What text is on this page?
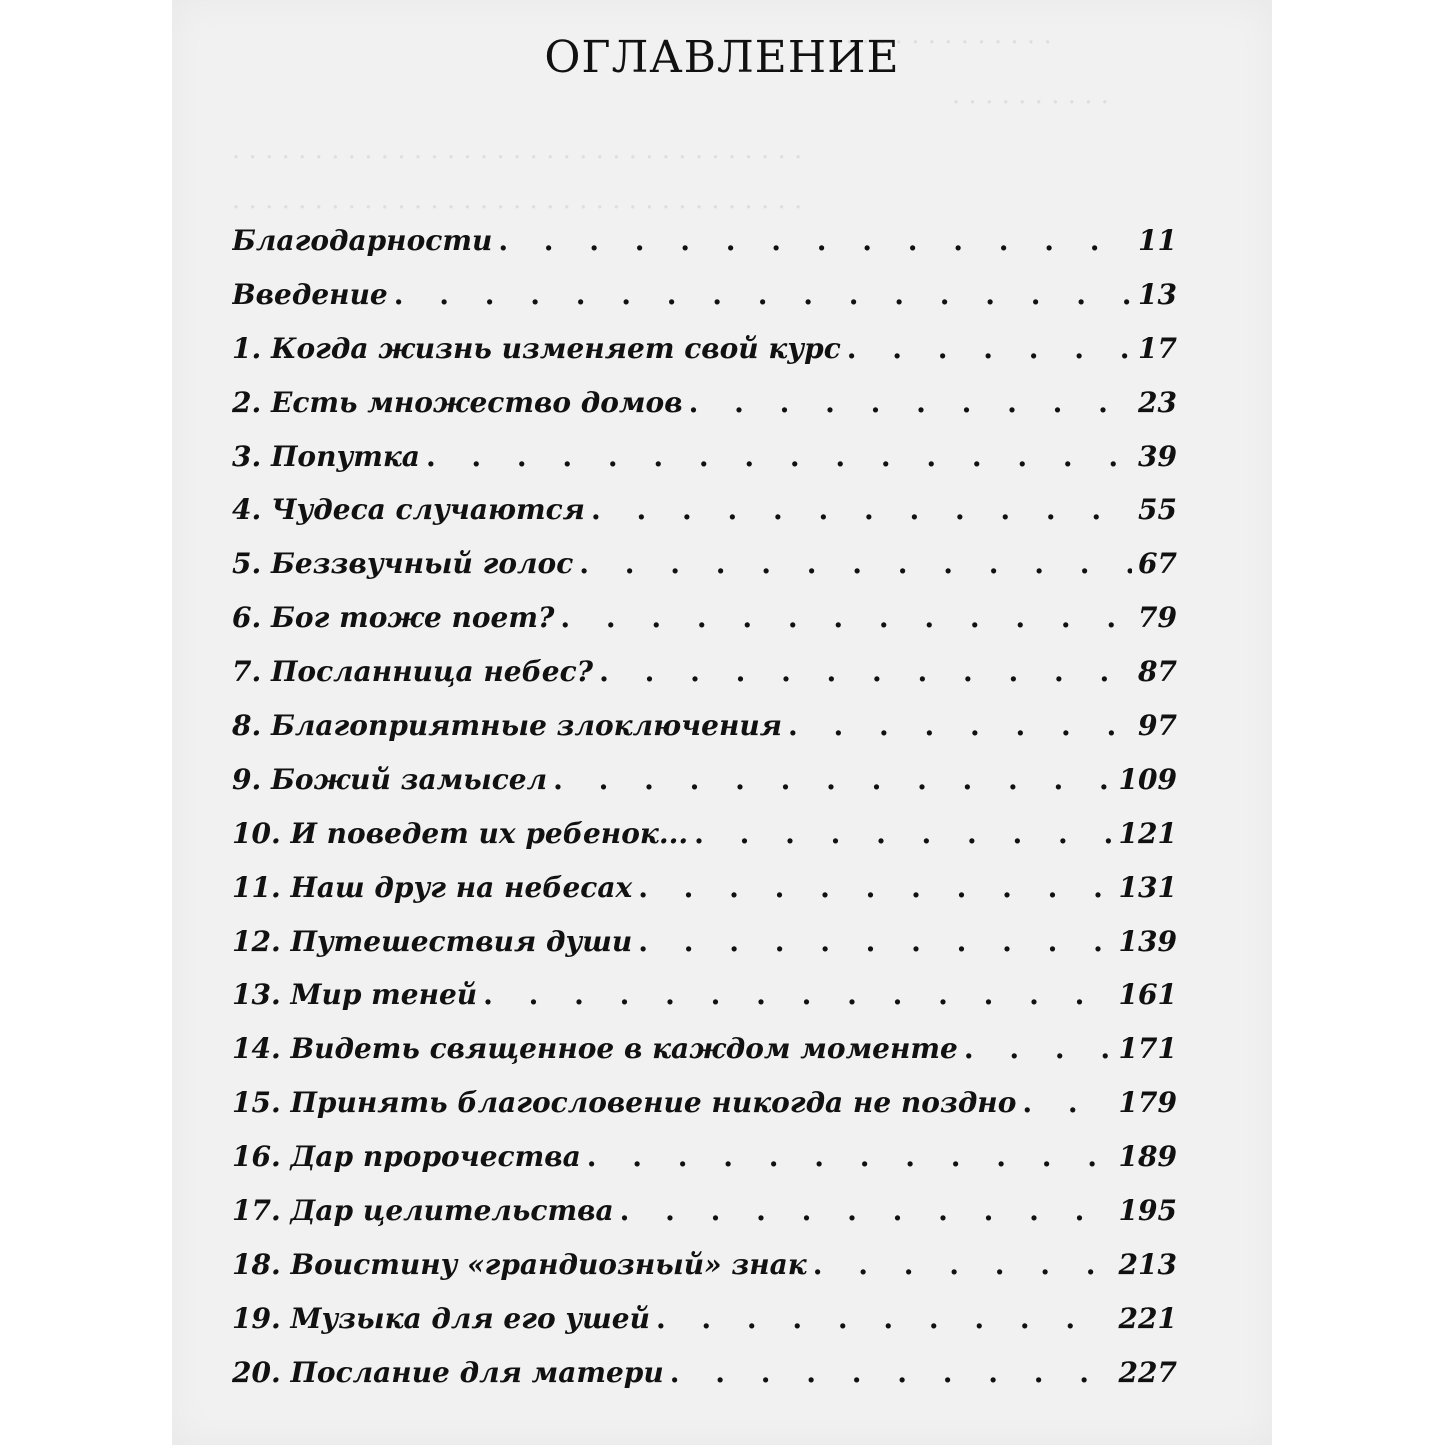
. . . . . . . . . . . . . . .
. . . . . . . . . .
. . . . . . . . . . . . . . . . . . . . . . . . . . . . . . . . . . .
. . . . . . . . . . . . . . . . . . . . . . . . . . . . . . . . . . .
ОГЛАВЛЕНИЕ
Благодарности . . .	11
Введение . . .	13
1. Когда жизнь изменяет свой курс . . .	17
2. Есть множество домов . . .	23
3. Попутка . . .	39
4. Чудеса случаются . . .	55
5. Беззвучный голос . . .	67
6. Бог тоже поет? . . .	79
7. Посланница небес? . . .	87
8. Благоприятные злоключения . . .	97
9. Божий замысел . . .	109
10. И поведет их ребенок... . . .	121
11. Наш друг на небесах . . .	131
12. Путешествия души . . .	139
13. Мир теней . . .	161
14. Видеть священное в каждом моменте . . .	171
15. Принять благословение никогда не поздно . . .	179
16. Дар пророчества . . .	189
17. Дар целительства . . .	195
18. Воистину «грандиозный» знак . . .	213
19. Музыка для его ушей . . .	221
20. Послание для матери . . .	227
